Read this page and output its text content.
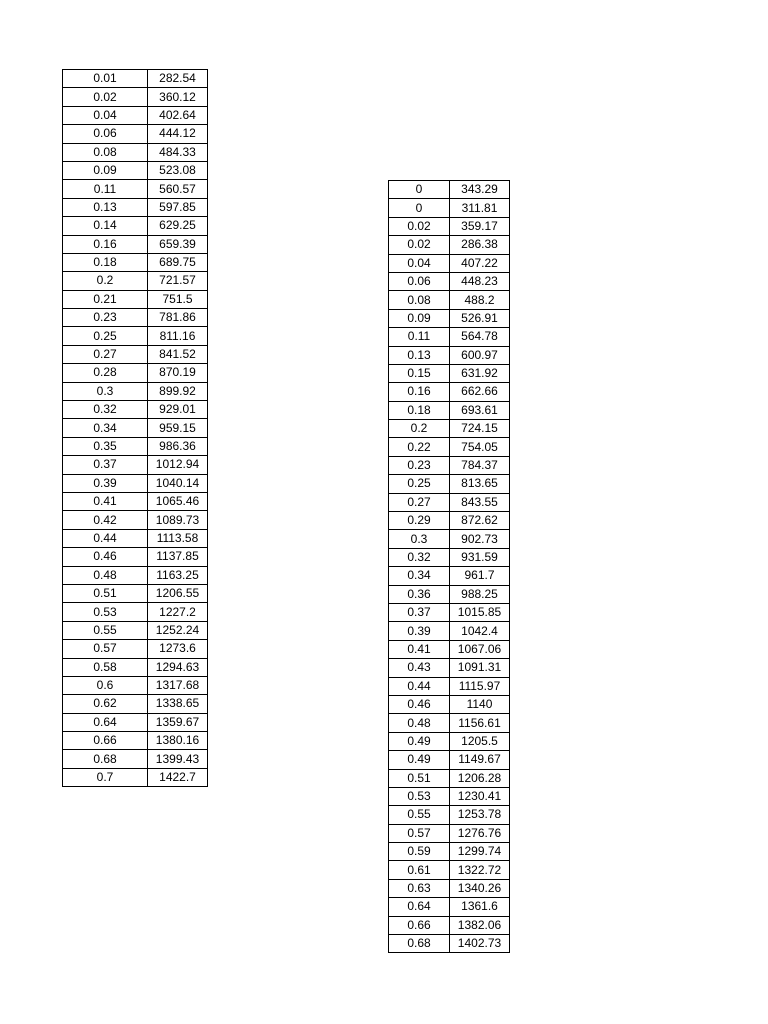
0.01	282.54
0.02	360.12
0.04	402.64
0.06	444.12
0.08	484.33
0.09	523.08
0.11	560.57
0.13	597.85
0.14	629.25
0.16	659.39
0.18	689.75
0.2	721.57
0.21	751.5
0.23	781.86
0.25	811.16
0.27	841.52
0.28	870.19
0.3	899.92
0.32	929.01
0.34	959.15
0.35	986.36
0.37	1012.94
0.39	1040.14
0.41	1065.46
0.42	1089.73
0.44	1113.58
0.46	1137.85
0.48	1163.25
0.51	1206.55
0.53	1227.2
0.55	1252.24
0.57	1273.6
0.58	1294.63
0.6	1317.68
0.62	1338.65
0.64	1359.67
0.66	1380.16
0.68	1399.43
0.7	1422.7
0	343.29
0	311.81
0.02	359.17
0.02	286.38
0.04	407.22
0.06	448.23
0.08	488.2
0.09	526.91
0.11	564.78
0.13	600.97
0.15	631.92
0.16	662.66
0.18	693.61
0.2	724.15
0.22	754.05
0.23	784.37
0.25	813.65
0.27	843.55
0.29	872.62
0.3	902.73
0.32	931.59
0.34	961.7
0.36	988.25
0.37	1015.85
0.39	1042.4
0.41	1067.06
0.43	1091.31
0.44	1115.97
0.46	1140
0.48	1156.61
0.49	1205.5
0.49	1149.67
0.51	1206.28
0.53	1230.41
0.55	1253.78
0.57	1276.76
0.59	1299.74
0.61	1322.72
0.63	1340.26
0.64	1361.6
0.66	1382.06
0.68	1402.73
